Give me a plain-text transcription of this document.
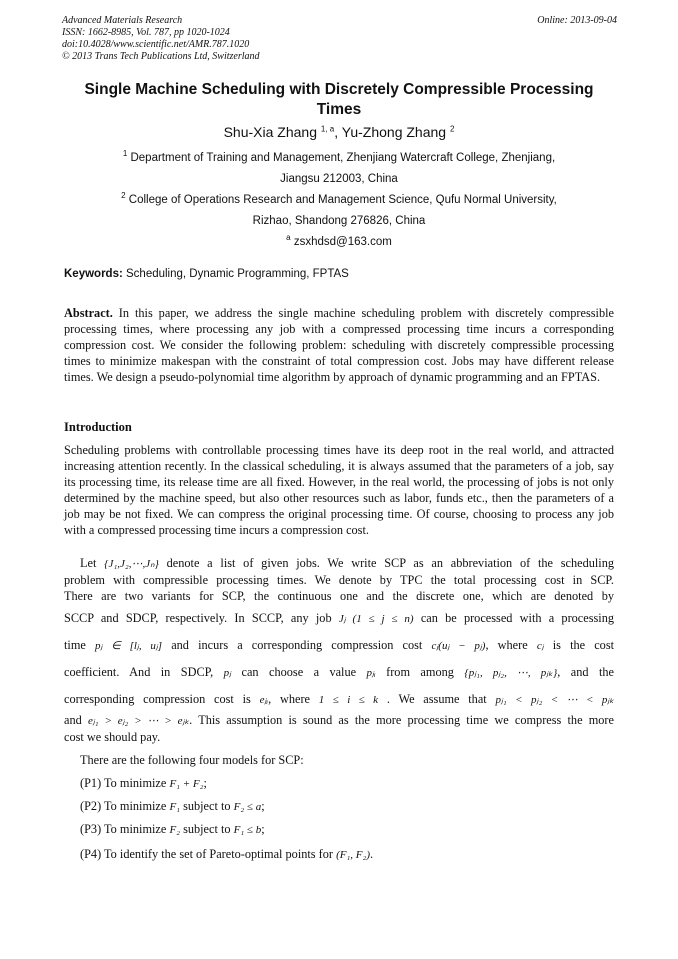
Advanced Materials Research
ISSN: 1662-8985, Vol. 787, pp 1020-1024
doi:10.4028/www.scientific.net/AMR.787.1020
© 2013 Trans Tech Publications Ltd, Switzerland
Online: 2013-09-04
Single Machine Scheduling with Discretely Compressible Processing Times
Shu-Xia Zhang $^{1, a}$, Yu-Zhong Zhang $^2$
$^1$ Department of Training and Management, Zhenjiang Watercraft College, Zhenjiang,
Jiangsu 212003, China
$^2$ College of Operations Research and Management Science, Qufu Normal University,
Rizhao, Shandong 276826, China
$^a$ zsxhdsd@163.com
Keywords: Scheduling, Dynamic Programming, FPTAS
Abstract. In this paper, we address the single machine scheduling problem with discretely compressible processing times, where processing any job with a compressed processing time incurs a corresponding compression cost. We consider the following problem: scheduling with discretely compressible processing times to minimize makespan with the constraint of total compression cost. Jobs may have different release times. We design a pseudo-polynomial time algorithm by approach of dynamic programming and an FPTAS.
Introduction
Scheduling problems with controllable processing times have its deep root in the real world, and attracted increasing attention recently. In the classical scheduling, it is always assumed that the parameters of a job, say its processing time, its release time are all fixed. However, in the real world, the processing of jobs is not only determined by the machine speed, but also other resources such as labor, funds etc., then the parameters of a job may be not fixed. We can compress the original processing time. Of course, choosing to process any job with a compressed processing time incurs a compression cost.
Let {J₁,J₂,⋯,Jₙ} denote a list of given jobs. We write SCP as an abbreviation of the scheduling
problem with compressible processing times. We denote by TPC the total processing cost in SCP.
There are two variants for SCP, the continuous one and the discrete one, which are denoted by
SCCP and SDCP, respectively. In SCCP, any job Jⱼ (1 ≤ j ≤ n) can be processed with a processing
time pⱼ ∈ [lⱼ, uⱼ] and incurs a corresponding compression cost cⱼ(uⱼ − pⱼ), where cⱼ is the cost
coefficient. And in SDCP, pⱼ can choose a value pⱼᵢ from among {pⱼ₁, pⱼ₂, ⋯, pⱼₖ}, and the
corresponding compression cost is eⱼᵢ, where 1 ≤ i ≤ k . We assume that pⱼ₁ < pⱼ₂ < ⋯ < pⱼₖ
and eⱼ₁ > eⱼ₂ > ⋯ > eⱼₖ. This assumption is sound as the more processing time we compress the more
cost we should pay.
There are the following four models for SCP:
(P1) To minimize F₁ + F₂;
(P2) To minimize F₁ subject to F₂ ≤ a;
(P3) To minimize F₂ subject to F₁ ≤ b;
(P4) To identify the set of Pareto-optimal points for (F₁, F₂).
